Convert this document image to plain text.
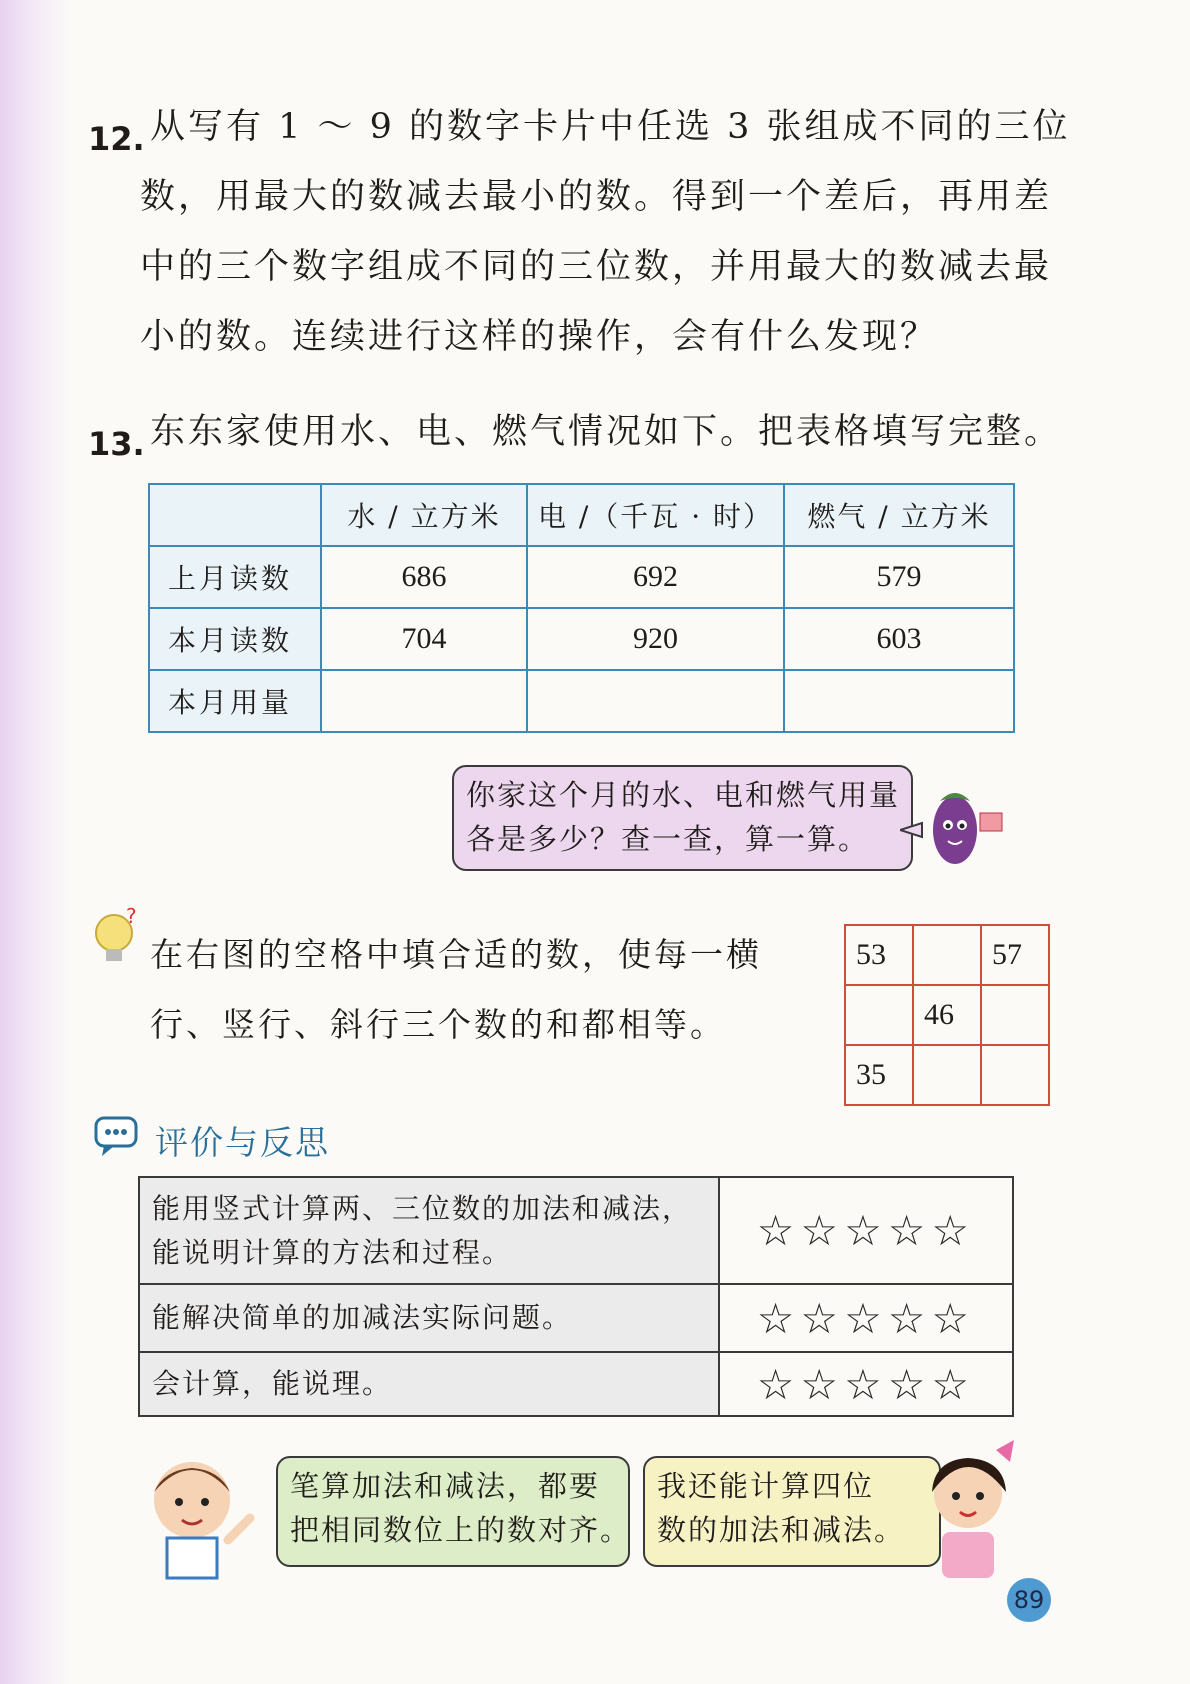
12. 从写有 1 ～ 9 的数字卡片中任选 3 张组成不同的三位
数，用最大的数减去最小的数。得到一个差后，再用差
中的三个数字组成不同的三位数，并用最大的数减去最
小的数。连续进行这样的操作，会有什么发现？
13. 东东家使用水、电、燃气情况如下。把表格填写完整。
	水 / 立方米	电 /（千瓦 · 时）	燃气 / 立方米
上月读数	686	692	579
本月读数	704	920	603
本月用量			
你家这个月的水、电和燃气用量
各是多少？查一查，算一算。
?
在右图的空格中填合适的数，使每一横
行、竖行、斜行三个数的和都相等。
53		57
	46	
35		
评价与反思
能用竖式计算两、三位数的加法和减法，
能说明计算的方法和过程。	☆☆☆☆☆

能解决简单的加减法实际问题。	☆☆☆☆☆

会计算，能说理。	☆☆☆☆☆
笔算加法和减法，都要
把相同数位上的数对齐。
我还能计算四位
数的加法和减法。
89
